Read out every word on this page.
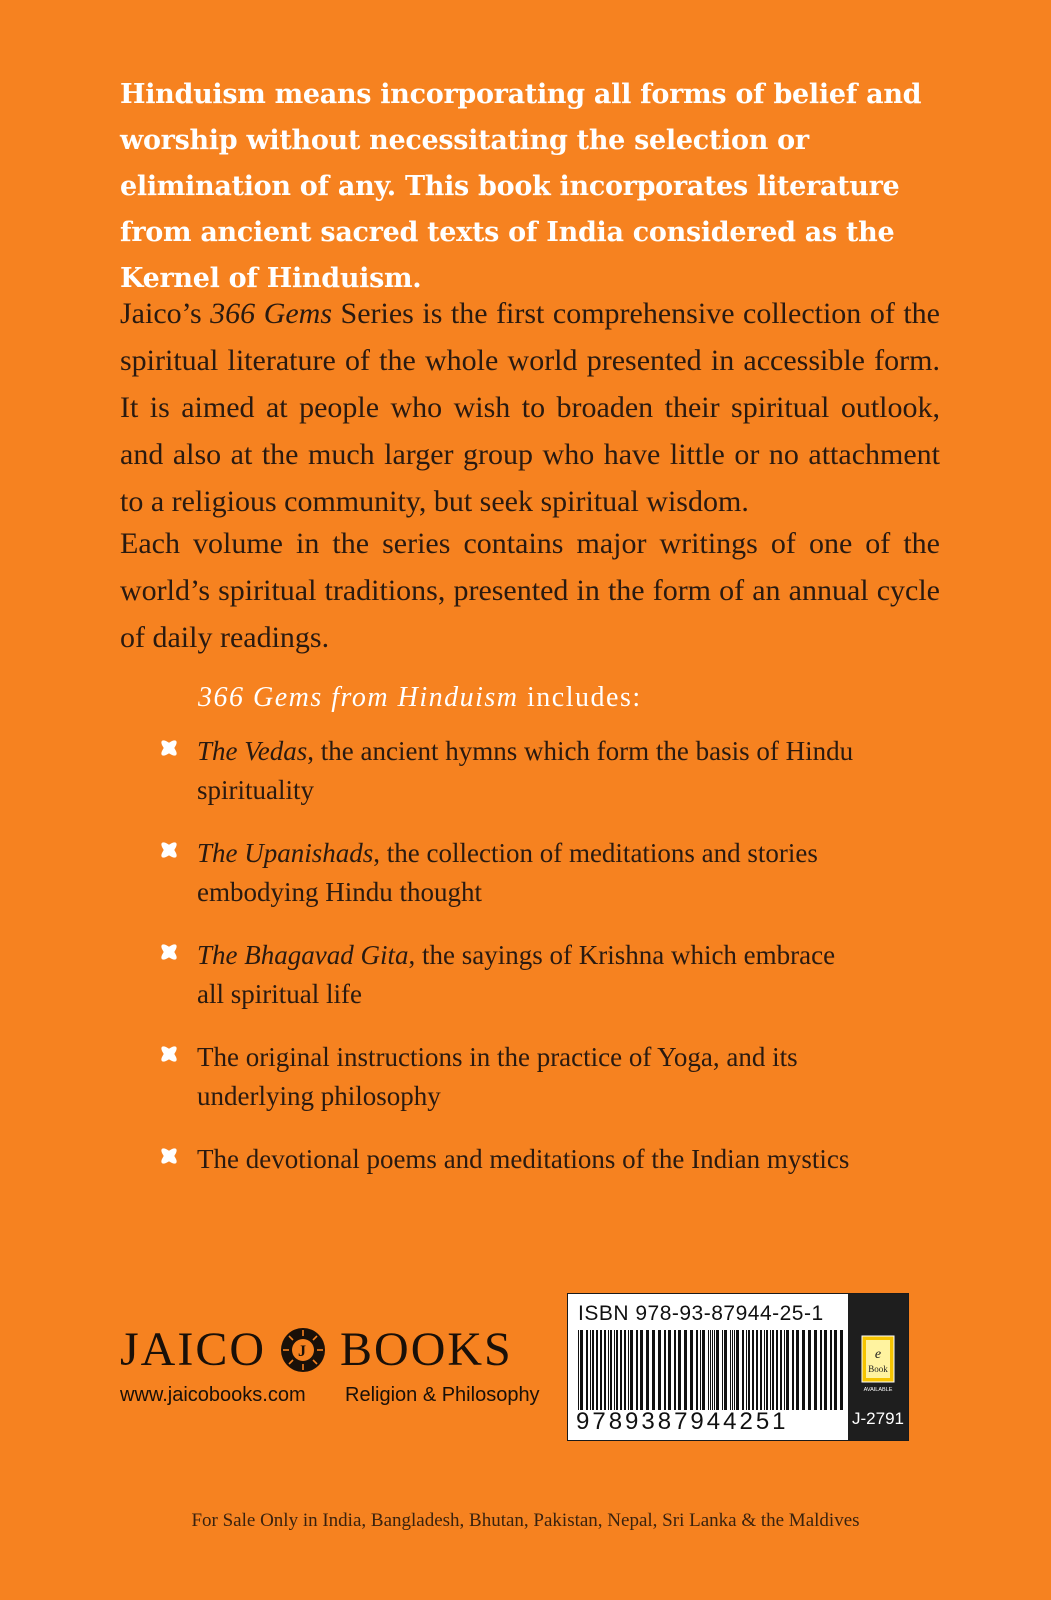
Hinduism means incorporating all forms of belief and worship without necessitating the selection or elimination of any. This book incorporates literature from ancient sacred texts of India considered as the Kernel of Hinduism.

Jaico’s 366 Gems Series is the first comprehensive collection of the spiritual literature of the whole world presented in accessible form. It is aimed at people who wish to broaden their spiritual outlook, and also at the much larger group who have little or no attachment to a religious community, but seek spiritual wisdom.

Each volume in the series contains major writings of one of the world’s spiritual traditions, presented in the form of an annual cycle of daily readings.

366 Gems from Hinduism includes:

The Vedas, the ancient hymns which form the basis of Hindu spirituality
The Upanishads, the collection of meditations and stories embodying Hindu thought
The Bhagavad Gita, the sayings of Krishna which embrace all spiritual life
The original instructions in the practice of Yoga, and its underlying philosophy
The devotional poems and meditations of the Indian mystics
JAICO J BOOKS
www.jaicobooks.com Religion & Philosophy
ISBN 978-93-87944-25-1
9789387944251
e
Book
AVAILABLE
J-2791
For Sale Only in India, Bangladesh, Bhutan, Pakistan, Nepal, Sri Lanka & the Maldives
